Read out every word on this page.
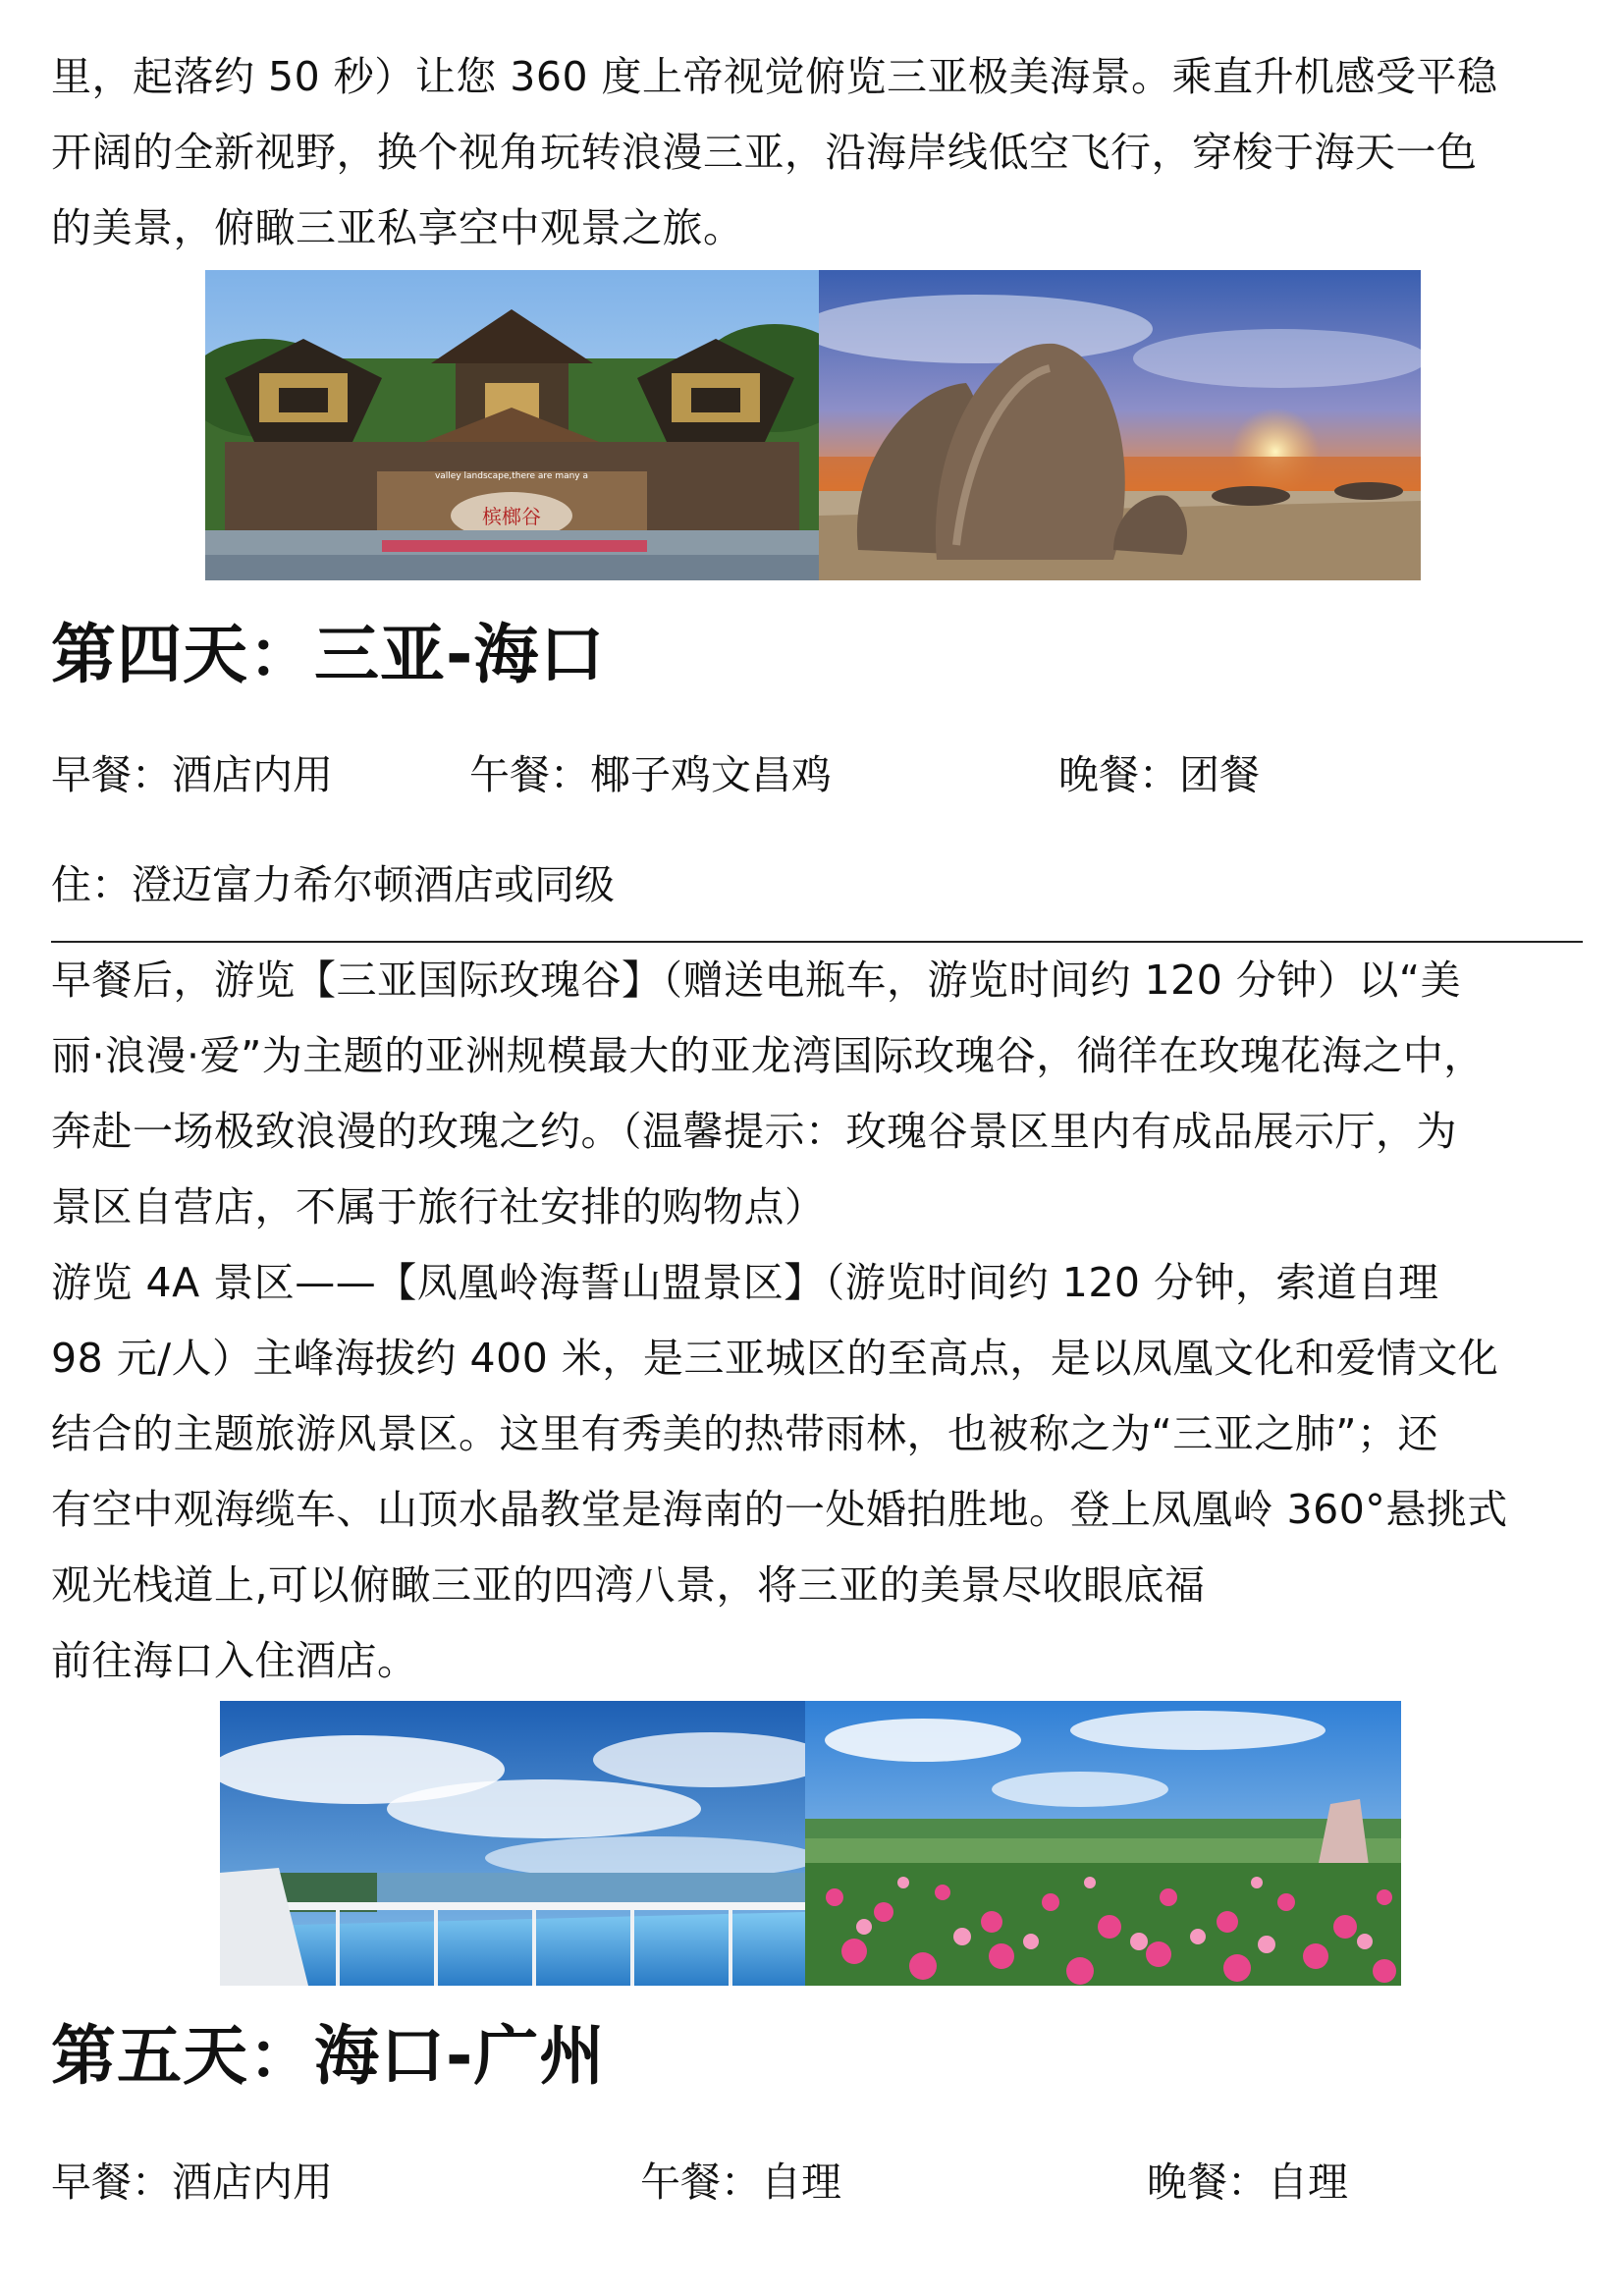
里，起落约 50 秒）让您 360 度上帝视觉俯览三亚极美海景。乘直升机感受平稳
开阔的全新视野，换个视角玩转浪漫三亚，沿海岸线低空飞行，穿梭于海天一色
的美景，俯瞰三亚私享空中观景之旅。
valley landscape,there are many a
槟榔谷
第四天：三亚-海口
早餐：酒店内用	午餐：椰子鸡文昌鸡	晚餐：团餐
住：澄迈富力希尔顿酒店或同级
早餐后，游览【三亚国际玫瑰谷】（赠送电瓶车，游览时间约 120 分钟）以“美
丽·浪漫·爱”为主题的亚洲规模最大的亚龙湾国际玫瑰谷，徜徉在玫瑰花海之中，
奔赴一场极致浪漫的玫瑰之约。（温馨提示：玫瑰谷景区里内有成品展示厅，为
景区自营店，不属于旅行社安排的购物点）
游览 4A 景区——【凤凰岭海誓山盟景区】（游览时间约 120 分钟，索道自理
98 元/人）主峰海拔约 400 米，是三亚城区的至高点，是以凤凰文化和爱情文化
结合的主题旅游风景区。这里有秀美的热带雨林，也被称之为“三亚之肺”；还
有空中观海缆车、山顶水晶教堂是海南的一处婚拍胜地。登上凤凰岭 360°悬挑式
观光栈道上,可以俯瞰三亚的四湾八景，将三亚的美景尽收眼底福
前往海口入住酒店。
第五天：海口-广州
早餐：酒店内用	午餐：自理	晚餐：自理
